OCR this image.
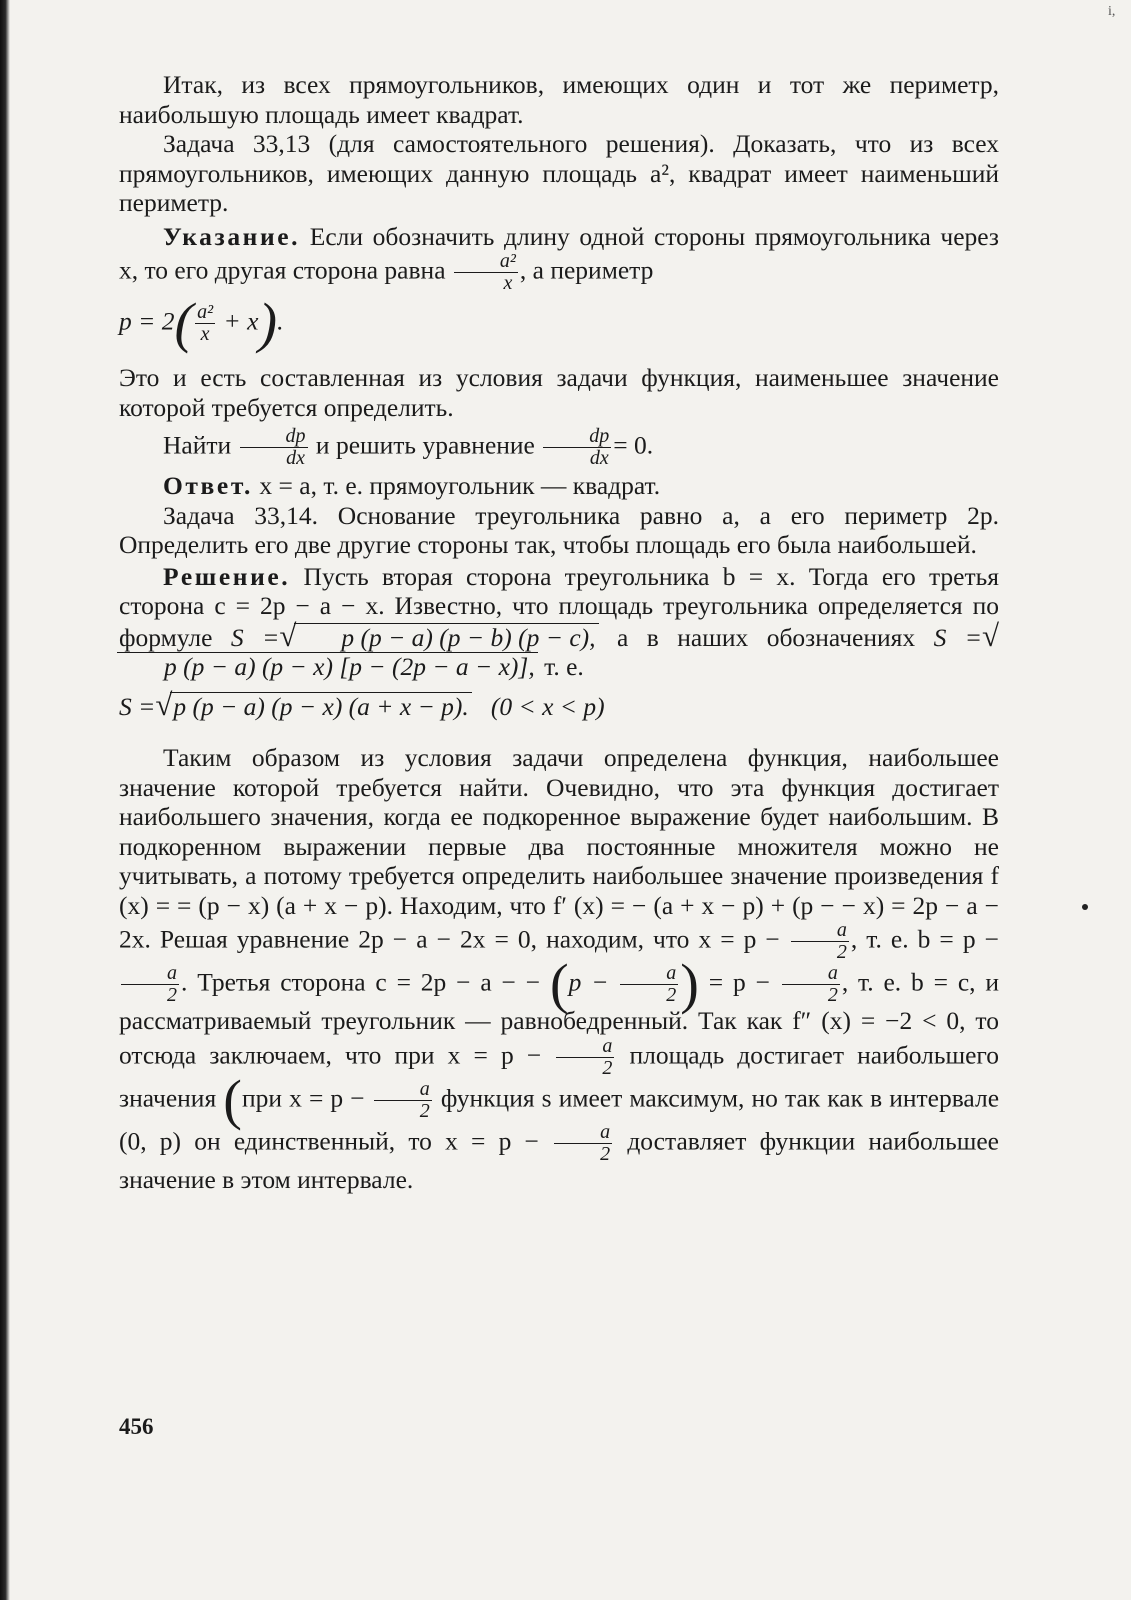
і,

Итак, из всех прямоугольников, имеющих один и тот же периметр, наибольшую площадь имеет квадрат.

Задача 33,13 (для самостоятельного решения). Доказать, что из всех прямоугольников, имеющих данную площадь a², квадрат имеет наименьший периметр.

Указание. Если обозначить длину одной стороны прямоугольника через x, то его другая сторона равна $\frac{\text{a²}}{x}$ , а периметр

$p = 2( \frac{\text{a²}}{x} + x)$.

Это и есть составленная из условия задачи функция, наименьшее значение которой требуется определить.

Найти $\frac{dp}{dx}$ и решить уравнение $\frac{dp}{dx} = 0$.

Ответ. x = a, т. е. прямоугольник — квадрат.

Задача 33,14. Основание треугольника равно a, а его периметр 2p. Определить его две другие стороны так, чтобы площадь его была наибольшей.

Решение. Пусть вторая сторона треугольника b = x. Тогда его третья сторона c = 2p − a − x. Известно, что площадь треугольника определяется по формуле S =√ p (p − a) (p − b) (p − c), а в наших обозначениях S =√p (p − a) (p − x) [p − (2p − a − x)], т. е.

S =√p (p − a) (p − x) (a + x − p). (0 < x < p)

Таким образом из условия задачи определена функция, наибольшее значение которой требуется найти. Очевидно, что эта функция достигает наибольшего значения, когда ее подкоренное выражение будет наибольшим. В подкоренном выражении первые два постоянные множителя можно не учитывать, а потому требуется определить наибольшее значение произведения f (x) = = (p − x) (a + x − p). Находим, что f′ (x) = − (a + x − p) + (p − − x) = 2p − a − 2x. Решая уравнение 2p − a − 2x = 0, находим, что $x = p - \frac{a}{2}$ , т. е. b = p −
$\frac{a}{2}$ . Третья сторона c = 2p − a − − ($p - \frac{a}{2}$ ) = $p - \frac{a}{2}$ , т. е. b = c, и рассматриваемый треугольник — равнобедренный. Так как f″ (x) = −2 < 0, то отсюда заключаем, что при $x = p - \frac{a}{2}$ площадь достигает наибольшего значения (при $x = p - \frac{a}{2}$ функция s имеет максимум, но так как в интервале (0, p) он единственный, то $x = p - \frac{a}{2}$ доставляет функции наибольшее значение в этом интервале.

456
